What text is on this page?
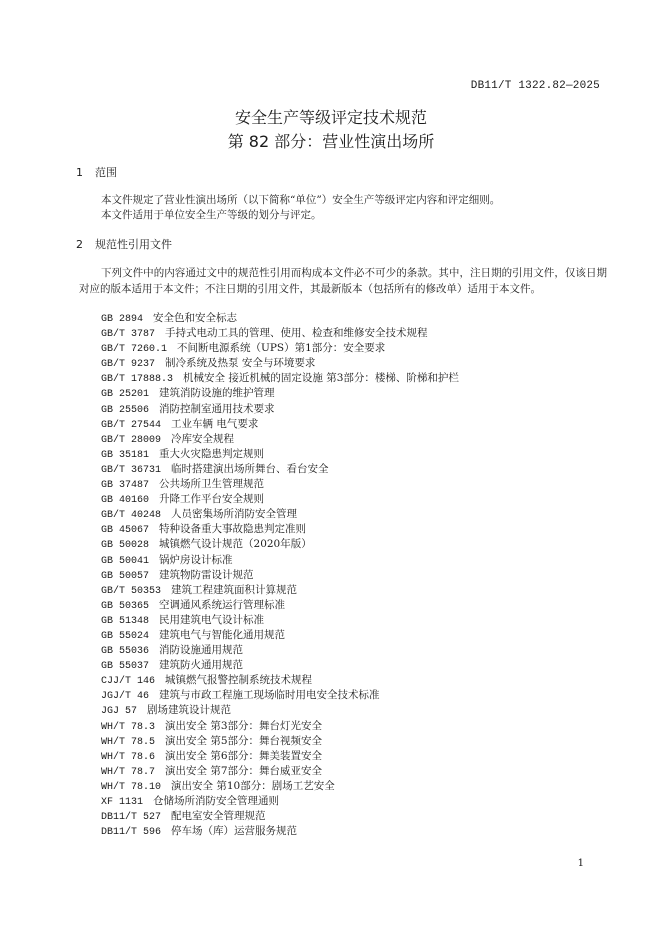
DB11/T 1322.82—2025
安全生产等级评定技术规范
第 82 部分：营业性演出场所
1 范围
本文件规定了营业性演出场所（以下简称“单位”）安全生产等级评定内容和评定细则。
本文件适用于单位安全生产等级的划分与评定。
2 规范性引用文件
下列文件中的内容通过文中的规范性引用而构成本文件必不可少的条款。其中，注日期的引用文件，仅该日期对应的版本适用于本文件；不注日期的引用文件，其最新版本（包括所有的修改单）适用于本文件。
GB 2894 安全色和安全标志
GB/T 3787 手持式电动工具的管理、使用、检查和维修安全技术规程
GB/T 7260.1 不间断电源系统（UPS）第1部分：安全要求
GB/T 9237 制冷系统及热泵 安全与环境要求
GB/T 17888.3 机械安全 接近机械的固定设施 第3部分：楼梯、阶梯和护栏
GB 25201 建筑消防设施的维护管理
GB 25506 消防控制室通用技术要求
GB/T 27544 工业车辆 电气要求
GB/T 28009 冷库安全规程
GB 35181 重大火灾隐患判定规则
GB/T 36731 临时搭建演出场所舞台、看台安全
GB 37487 公共场所卫生管理规范
GB 40160 升降工作平台安全规则
GB/T 40248 人员密集场所消防安全管理
GB 45067 特种设备重大事故隐患判定准则
GB 50028 城镇燃气设计规范（2020年版）
GB 50041 锅炉房设计标准
GB 50057 建筑物防雷设计规范
GB/T 50353 建筑工程建筑面积计算规范
GB 50365 空调通风系统运行管理标准
GB 51348 民用建筑电气设计标准
GB 55024 建筑电气与智能化通用规范
GB 55036 消防设施通用规范
GB 55037 建筑防火通用规范
CJJ/T 146 城镇燃气报警控制系统技术规程
JGJ/T 46 建筑与市政工程施工现场临时用电安全技术标准
JGJ 57 剧场建筑设计规范
WH/T 78.3 演出安全 第3部分：舞台灯光安全
WH/T 78.5 演出安全 第5部分：舞台视频安全
WH/T 78.6 演出安全 第6部分：舞美装置安全
WH/T 78.7 演出安全 第7部分：舞台威亚安全
WH/T 78.10 演出安全 第10部分：剧场工艺安全
XF 1131 仓储场所消防安全管理通则
DB11/T 527 配电室安全管理规范
DB11/T 596 停车场（库）运营服务规范
1
